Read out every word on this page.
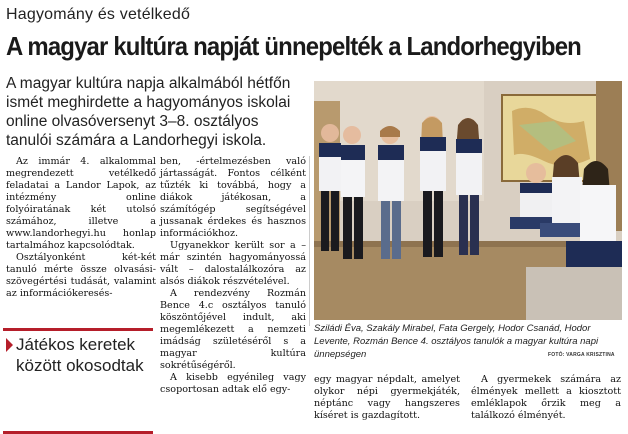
Hagyomány és vetélkedő
A magyar kultúra napját ünnepelték a Landorhegyiben
A magyar kultúra napja alkalmából hétfőn ismét meghirdette a hagyományos iskolai online olvasóversenyt 3–8. osztályos tanulói számára a Landorhegyi iskola.

Az immár 4. alkalommal megrendezett vetélkedő feladatai a Landor Lapok, az intézmény online folyóiratának két utolsó számához, illetve a www.landorhegyi.hu honlap tartalmához kapcsolódtak.

Osztályonként két-két tanuló mérte össze olvasási-szövegértési tudását, valamint az információkeresés-

Játékos keretek között okosodtak

ben, -értelmezésben való jártasságát. Fontos célként tűzték ki továbbá, hogy a diákok játékosan, a számítógép segítségével jussanak érdekes és hasznos információkhoz.

Ugyanekkor került sor a – már szintén hagyományossá vált – dalostalálkozóra az alsós diákok részvételével.

A rendezvény Rozmán Bence 4.c osztályos tanuló köszöntőjével indult, aki megemlékezett a nemzeti imádság születéséről s a magyar kultúra sokrétűségéről.

A kisebb egyénileg vagy csoportosan adtak elő egy-

Sziládi Éva, Szakály Mirabel, Fata Gergely, Hodor Csanád, Hodor Levente, Rozmán Bence 4. osztályos tanulók a magyar kultúra napi ünnepségen	FOTÓ: VARGA KRISZTINA

egy magyar népdalt, amelyet olykor népi gyermekjáték, néptánc vagy hangszeres kíséret is gazdagított.

A gyermekek számára az élmények mellett a kiosztott emléklapok őrzik meg a találkozó élményét.
